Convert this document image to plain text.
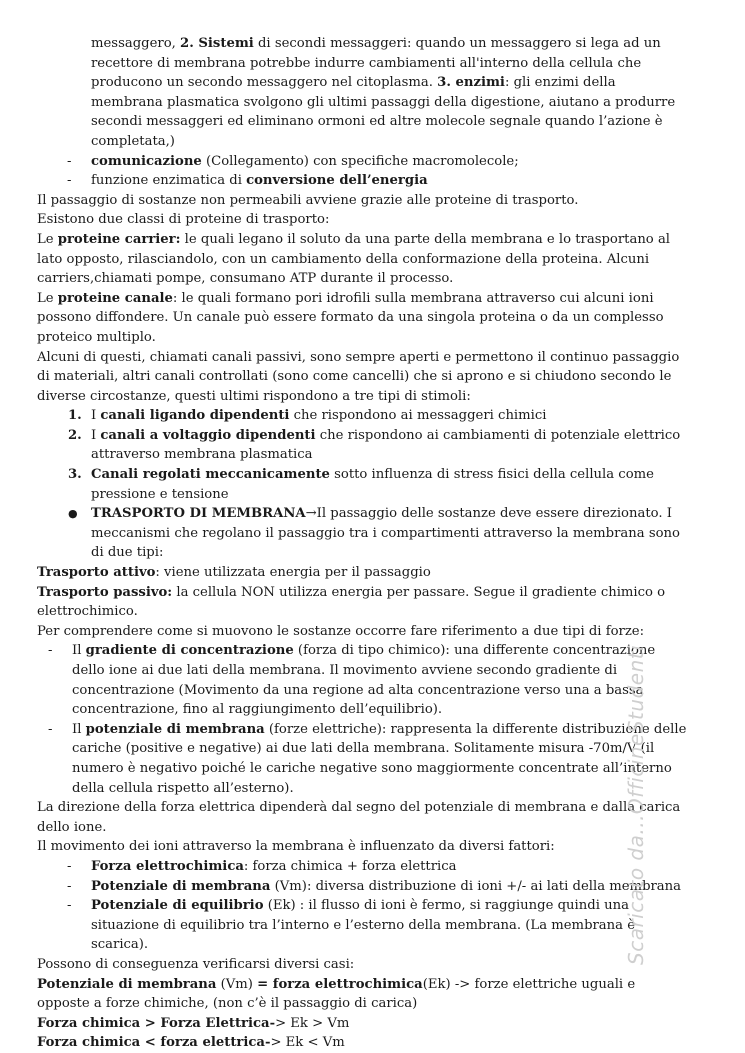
messaggero, 2. Sistemi di secondi messaggeri: quando un messaggero si lega ad un recettore di membrana potrebbe indurre cambiamenti all'interno della cellula che producono un secondo messaggero nel citoplasma. 3. enzimi: gli enzimi della membrana plasmatica svolgono gli ultimi passaggi della digestione, aiutano a produrre secondi messaggeri ed eliminano ormoni ed altre molecole segnale quando l’azione è completata,)

- comunicazione (Collegamento) con specifiche macromolecole;

- funzione enzimatica di conversione dell’energia

Il passaggio di sostanze non permeabili avviene grazie alle proteine di trasporto.

Esistono due classi di proteine di trasporto:

Le proteine carrier: le quali legano il soluto da una parte della membrana e lo trasportano al lato opposto, rilasciandolo, con un cambiamento della conformazione della proteina. Alcuni carriers,chiamati pompe, consumano ATP durante il processo.

Le proteine canale: le quali formano pori idrofili sulla membrana attraverso cui alcuni ioni possono diffondere. Un canale può essere formato da una singola proteina o da un complesso proteico multiplo.

Alcuni di questi, chiamati canali passivi, sono sempre aperti e permettono il continuo passaggio di materiali, altri canali controllati (sono come cancelli) che si aprono e si chiudono secondo le diverse circostanze, questi ultimi rispondono a tre tipi di stimoli:

1. I canali ligando dipendenti che rispondono ai messaggeri chimici

2. I canali a voltaggio dipendenti che rispondono ai cambiamenti di potenziale elettrico attraverso membrana plasmatica

3. Canali regolati meccanicamente sotto influenza di stress fisici della cellula come pressione e tensione

● TRASPORTO DI MEMBRANA→Il passaggio delle sostanze deve essere direzionato. I meccanismi che regolano il passaggio tra i compartimenti attraverso la membrana sono di due tipi:

Trasporto attivo: viene utilizzata energia per il passaggio

Trasporto passivo: la cellula NON utilizza energia per passare. Segue il gradiente chimico o elettrochimico.

Per comprendere come si muovono le sostanze occorre fare riferimento a due tipi di forze:

- Il gradiente di concentrazione (forza di tipo chimico): una differente concentrazione dello ione ai due lati della membrana. Il movimento avviene secondo gradiente di concentrazione (Movimento da una regione ad alta concentrazione verso una a bassa concentrazione, fino al raggiungimento dell’equilibrio).

- Il potenziale di membrana (forze elettriche): rappresenta la differente distribuzione delle cariche (positive e negative) ai due lati della membrana. Solitamente misura -70m/V (il numero è negativo poiché le cariche negative sono maggiormente concentrate all’interno della cellula rispetto all’esterno).

La direzione della forza elettrica dipenderà dal segno del potenziale di membrana e dalla carica dello ione.

Il movimento dei ioni attraverso la membrana è influenzato da diversi fattori:

- Forza elettrochimica: forza chimica + forza elettrica

- Potenziale di membrana (Vm): diversa distribuzione di ioni +/- ai lati della membrana

- Potenziale di equilibrio (Ek) : il flusso di ioni è fermo, si raggiunge quindi una situazione di equilibrio tra l’interno e l’esterno della membrana. (La membrana è scarica).

Possono di conseguenza verificarsi diversi casi:

Potenziale di membrana (Vm) = forza elettrochimica(Ek) -> forze elettriche uguali e opposte a forze chimiche, (non c’è il passaggio di carica)

Forza chimica > Forza Elettrica-> Ek > Vm

Forza chimica < forza elettrica-> Ek < Vm

Scaricato da...OfficineStudenti
